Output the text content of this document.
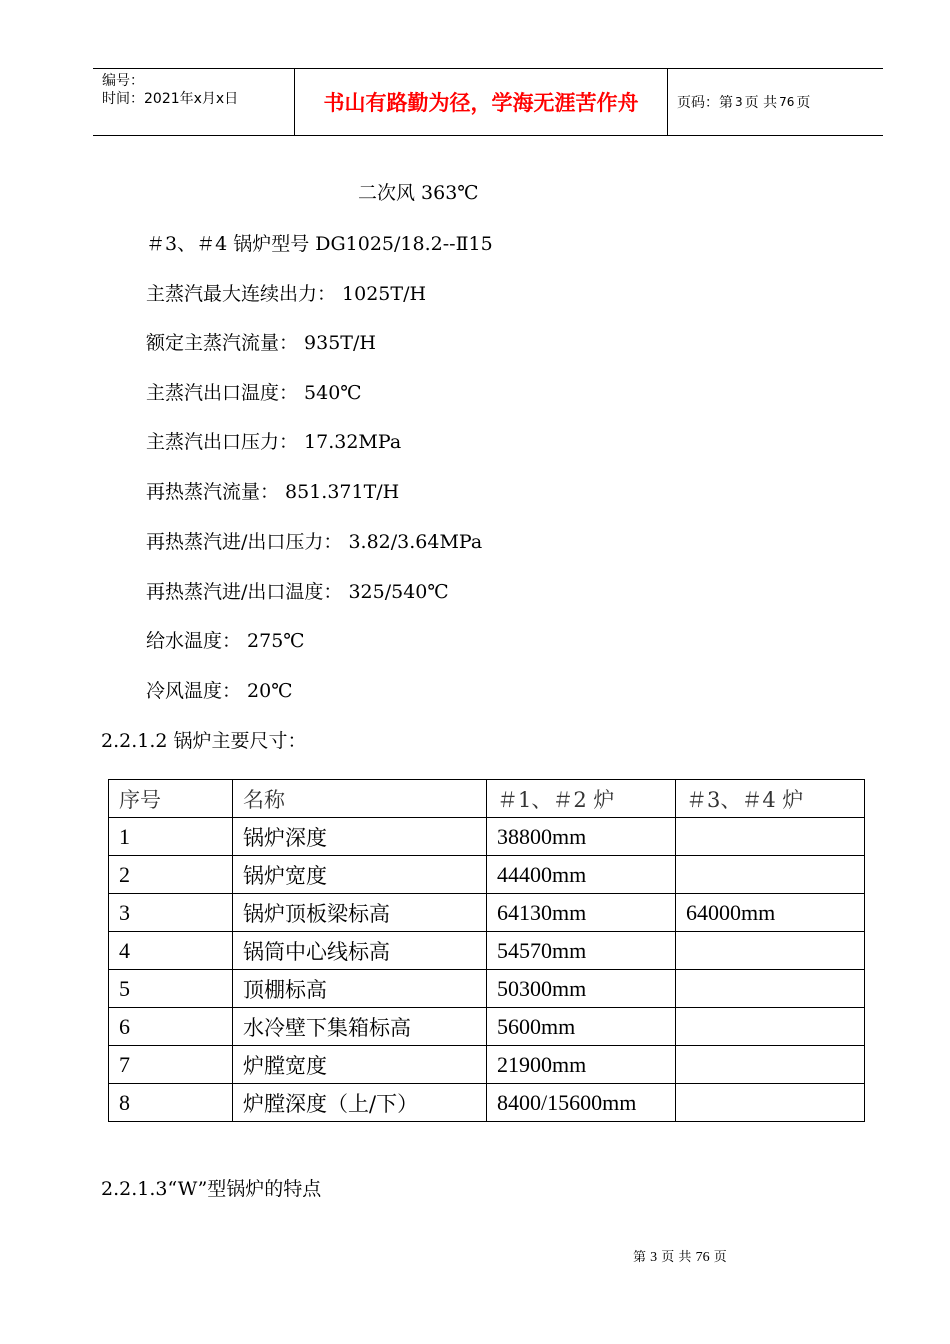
编号：
时间：2021年x月x日	书山有路勤为径，学海无涯苦作舟	页码：第 3 页 共 76 页
二次风 363℃
＃3、＃4 锅炉型号 DG1025/18.2--Ⅱ15
主蒸汽最大连续出力： 1025T/H
额定主蒸汽流量： 935T/H
主蒸汽出口温度： 540℃
主蒸汽出口压力： 17.32MPa
再热蒸汽流量： 851.371T/H
再热蒸汽进/出口压力： 3.82/3.64MPa
再热蒸汽进/出口温度： 325/540℃
给水温度： 275℃
冷风温度： 20℃
2.2.1.2 锅炉主要尺寸：
序号	名称	＃1、＃2 炉	＃3、＃4 炉
1	锅炉深度	38800mm	
2	锅炉宽度	44400mm	
3	锅炉顶板梁标高	64130mm	64000mm
4	锅筒中心线标高	54570mm	
5	顶棚标高	50300mm	
6	水冷壁下集箱标高	5600mm	
7	炉膛宽度	21900mm	
8	炉膛深度（上/下）	8400/15600mm	
2.2.1.3“W”型锅炉的特点
第 3 页 共 76 页
